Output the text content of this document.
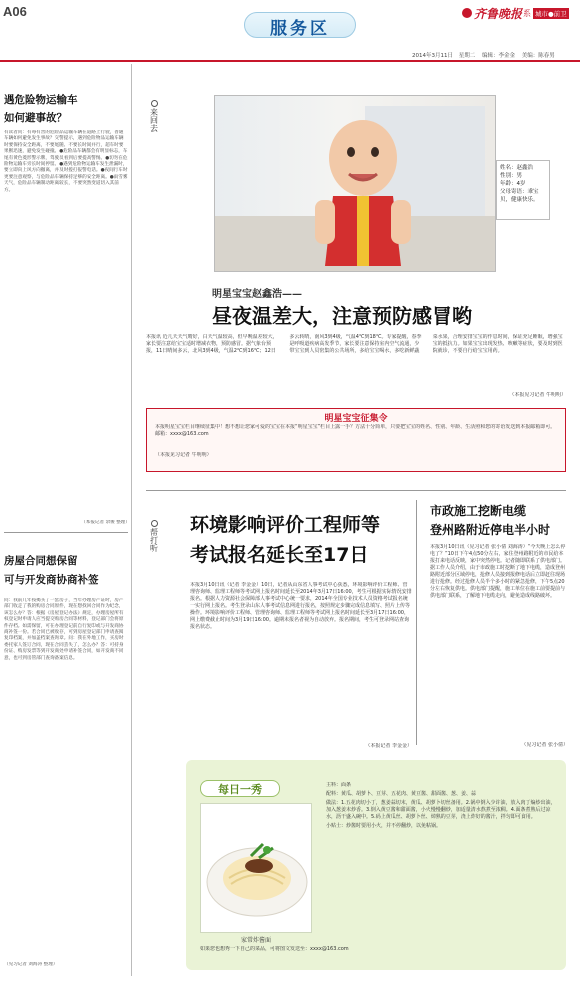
A06
服务区
齐鲁晚报 系 城市●前卫
2014年3月11日 星期二 编辑：李金金 美编：陈春男
来回去
遇危险物运输车
如何避事故？
有读者问：有毒有害的危险品运输车辆在道路上行驶，普通车辆如何避免发生事故？交警提示，遇到危险物品运输车辆时要保持安全距离，不要尾随、不要长时间并行，超车时要果断迅速，避免发生碰撞。●危险品车辆都会有明显标志，车尾有黄色菱形警示牌，驾驶员看到后要提高警惕。●切勿在危险物运输车旁长时间停留。●遇到危险物运输车发生泄漏时，要立即向上风方向撤离，并及时拨打报警电话。●夜间行车时更要注意观察，与危险品车辆保持足够的安全距离。●雨雪雾天气，危险品车辆制动距离较长，不要突然变道切入其前方。
（本报记者 余俊 整理）
帮打听
房屋合同想保留
可与开发商协商补签
问：我前几年按揭买了一套房子，当年办理房产证时，房产部门收走了我的购房合同原件，现在想找回合同作为纪念，该怎么办？答：根据《房屋登记办法》规定，办理房屋所有权登记时申请人应当提交购房合同等材料，登记部门会将原件存档。如需保留，可在办理登记前自行复印或与开发商协商补签一份。若合同已被收存，可到房屋登记部门申请查阅复印档案，并加盖档案查询章。问：我在外地工作，买房时委托家人签订合同，现在合同丢失了，怎么办？答：可持身份证、购房发票等到开发商处申请补签合同，如开发商不同意，也可到房管部门查询备案信息。
（见习记者 刘海涛 整理）
姓名：赵鑫浩
性别：男
年龄：4岁
父母寄语：乖宝贝，健康快乐。
明星宝宝赵鑫浩——
昼夜温差大，注意预防感冒哟
本报讯 近几天天气晴好，白天气温较高，但早晚温差较大，家长要注意给宝宝适时增减衣物，预防感冒。据气象台预报，11日晴间多云，北风3到4级，气温2℃到16℃；12日多云转晴，南风3到4级，气温4℃到18℃。专家提醒，春季是呼吸道疾病高发季节，家长要注意保持室内空气流通，少带宝宝到人员密集的公共场所，多给宝宝喝水，多吃新鲜蔬菜水果，合理安排宝宝的作息时间，保证充足睡眠，增强宝宝的抵抗力。如果宝宝出现发热、咳嗽等症状，要及时到医院就诊，不要自行给宝宝用药。
（本报见习记者 牛明明）
明星宝宝征集令
本报明星宝宝栏目继续征集中！想不想让您家可爱的宝宝在本报“明星宝宝”栏目上露一手？方法十分简单，只要把宝宝的姓名、性别、年龄、生活照和您的寄语发送到本报邮箱即可。邮箱：xxxx@163.com
（本报见习记者 牛明明）
环境影响评价工程师等
考试报名延长至17日
本报3月10日讯（记者 李金金）10日，记者从山东省人事考试中心获悉，环境影响评价工程师、管理咨询师、监理工程师等考试网上报名时间延长至2014年3月17日16:00，考生可根据实际情况安排报名。根据人力资源社会保障部人事考试中心统一要求，2014年全国专业技术人员资格考试报名统一实行网上报名。考生登录山东人事考试信息网进行报名，按照规定步骤完成信息填写、照片上传等操作。环境影响评价工程师、管理咨询师、监理工程师等考试网上报名时间延长至3月17日16:00，网上缴费截止时间为3月19日16:00。逾期未报名者视为自动放弃。报名期间，考生可登录网站查询报名状态。
（本报记者 李金金）
市政施工挖断电缆
登州路附近停电半小时
本报3月10日讯（见习记者 张小倩 刘海涛）“今天晚上怎么停电了？”10日下午4点50分左右，家住登州路附近的市民给本报打来电话反映，家中突然停电。记者随即联系了供电部门。据工作人员介绍，由于市政施工时挖断了地下电缆，造成登州路附近部分区域停电，抢修人员接到报修电话后立即赶往现场进行抢修。经过抢修人员半个多小时的紧急抢修，下午5点20分左右恢复供电。供电部门提醒，施工单位在施工前要提前与供电部门联系，了解地下电缆走向，避免造成线路破坏。
（见习记者 张小倩）
每日一秀
家常炸酱面
如果您也想秀一下自己的菜品，可将图文发送至：xxxx@163.com
主料：面条
配料：黄瓜、胡萝卜、豆芽、五花肉、黄豆酱、甜面酱、葱、姜、蒜
做法：1.五花肉切小丁，葱姜蒜切末，黄瓜、胡萝卜切丝备用。2.锅中倒入少许油，放入肉丁煸炒出油，加入葱姜末炒香。3.倒入黄豆酱和甜面酱，小火慢慢翻炒，加适量清水熬煮至浓稠。4.面条煮熟后过凉水，沥干盛入碗中。5.码上黄瓜丝、胡萝卜丝、焯熟的豆芽，浇上炸好的酱汁，拌匀即可食用。
小贴士：炒酱时要用小火，并不停翻炒，以免粘锅。
